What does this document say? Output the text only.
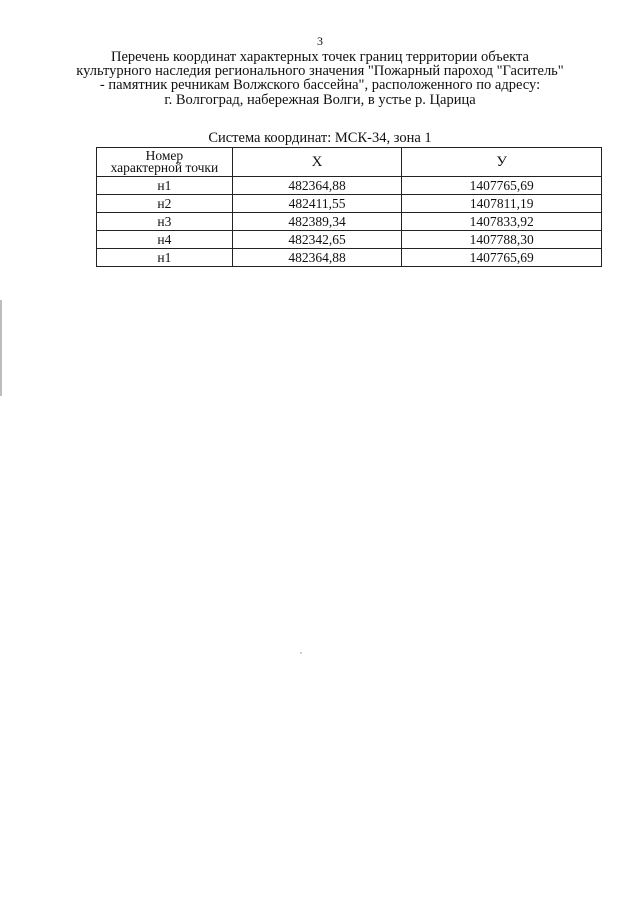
3
Перечень координат характерных точек границ территории объекта
культурного наследия регионального значения "Пожарный пароход "Гаситель"
- памятник речникам Волжского бассейна", расположенного по адресу:
г. Волгоград, набережная Волги, в устье р. Царица
Система координат: МСК-34, зона 1
Номер
характерной точки	X	У
н1	482364,88	1407765,69
н2	482411,55	1407811,19
н3	482389,34	1407833,92
н4	482342,65	1407788,30
н1	482364,88	1407765,69
